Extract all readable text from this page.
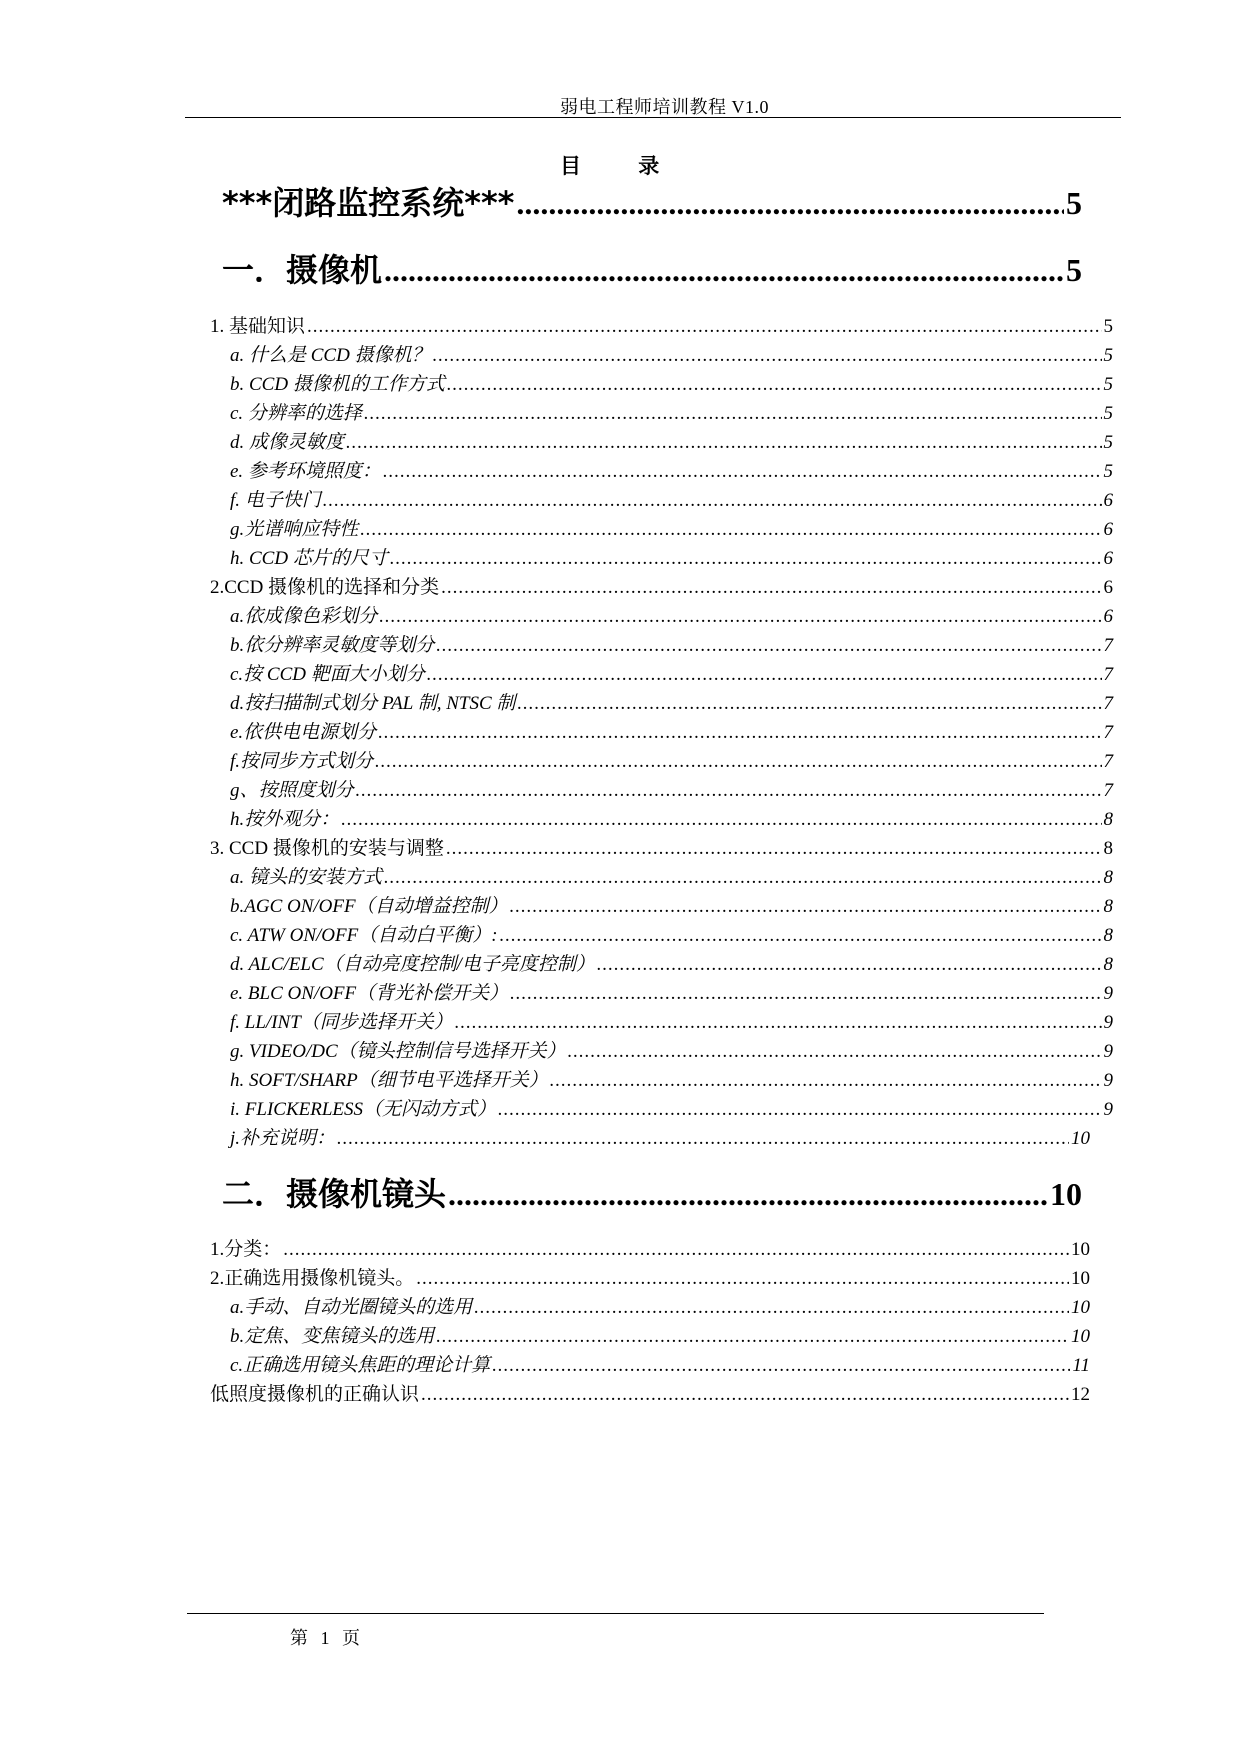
弱电工程师培训教程 V1.0
目 录
***闭路监控系统*** .....	5
一．摄像机 .....	5
1. 基础知识 .....	5
a. 什么是 CCD 摄像机？ .....	5
b. CCD 摄像机的工作方式 .....	5
c. 分辨率的选择 .....	5
d. 成像灵敏度 .....	5
e. 参考环境照度： .....	5
f. 电子快门 .....	6
g.光谱响应特性 .....	6
h. CCD 芯片的尺寸 .....	6
2.CCD 摄像机的选择和分类 .....	6
a.依成像色彩划分 .....	6
b.依分辨率灵敏度等划分 .....	7
c.按 CCD 靶面大小划分 .....	7
d.按扫描制式划分 PAL 制, NTSC 制 .....	7
e.依供电电源划分 .....	7
f.按同步方式划分 .....	7
g、按照度划分 .....	7
h.按外观分： .....	8
3. CCD 摄像机的安装与调整 .....	8
a. 镜头的安装方式 .....	8
b.AGC ON/OFF（自动增益控制） .....	8
c. ATW ON/OFF（自动白平衡）: .....	8
d. ALC/ELC（自动亮度控制/电子亮度控制） .....	8
e. BLC ON/OFF（背光补偿开关） .....	9
f. LL/INT（同步选择开关） .....	9
g. VIDEO/DC（镜头控制信号选择开关） .....	9
h. SOFT/SHARP（细节电平选择开关） .....	9
i. FLICKERLESS（无闪动方式） .....	9
j.补充说明： .....	10
二．摄像机镜头 .....	10
1.分类： .....	10
2.正确选用摄像机镜头。 .....	10
a.手动、自动光圈镜头的选用 .....	10
b.定焦、变焦镜头的选用 .....	10
c.正确选用镜头焦距的理论计算 .....	11
低照度摄像机的正确认识 .....	12
第 1 页
